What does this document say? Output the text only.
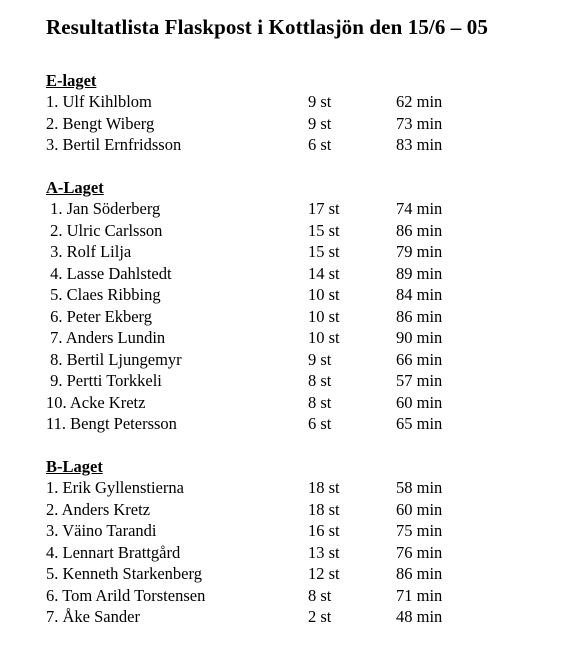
Resultatlista Flaskpost i Kottlasjön den 15/6 – 05
E-laget
1. Ulf Kihlblom	9 st	62 min
2. Bengt Wiberg	9 st	73 min
3. Bertil Ernfridsson	6 st	83 min
A-Laget
1. Jan Söderberg	17 st	74 min
2. Ulric Carlsson	15 st	86 min
3. Rolf Lilja	15 st	79 min
4. Lasse Dahlstedt	14 st	89 min
5. Claes Ribbing	10 st	84 min
6. Peter Ekberg	10 st	86 min
7. Anders Lundin	10 st	90 min
8. Bertil Ljungemyr	9 st	66 min
9. Pertti Torkkeli	8 st	57 min
10. Acke Kretz	8 st	60 min
11. Bengt Petersson	6 st	65 min
B-Laget
1. Erik Gyllenstierna	18 st	58 min
2. Anders Kretz	18 st	60 min
3. Väino Tarandi	16 st	75 min
4. Lennart Brattgård	13 st	76 min
5. Kenneth Starkenberg	12 st	86 min
6. Tom Arild Torstensen	8 st	71 min
7. Åke Sander	2 st	48 min
